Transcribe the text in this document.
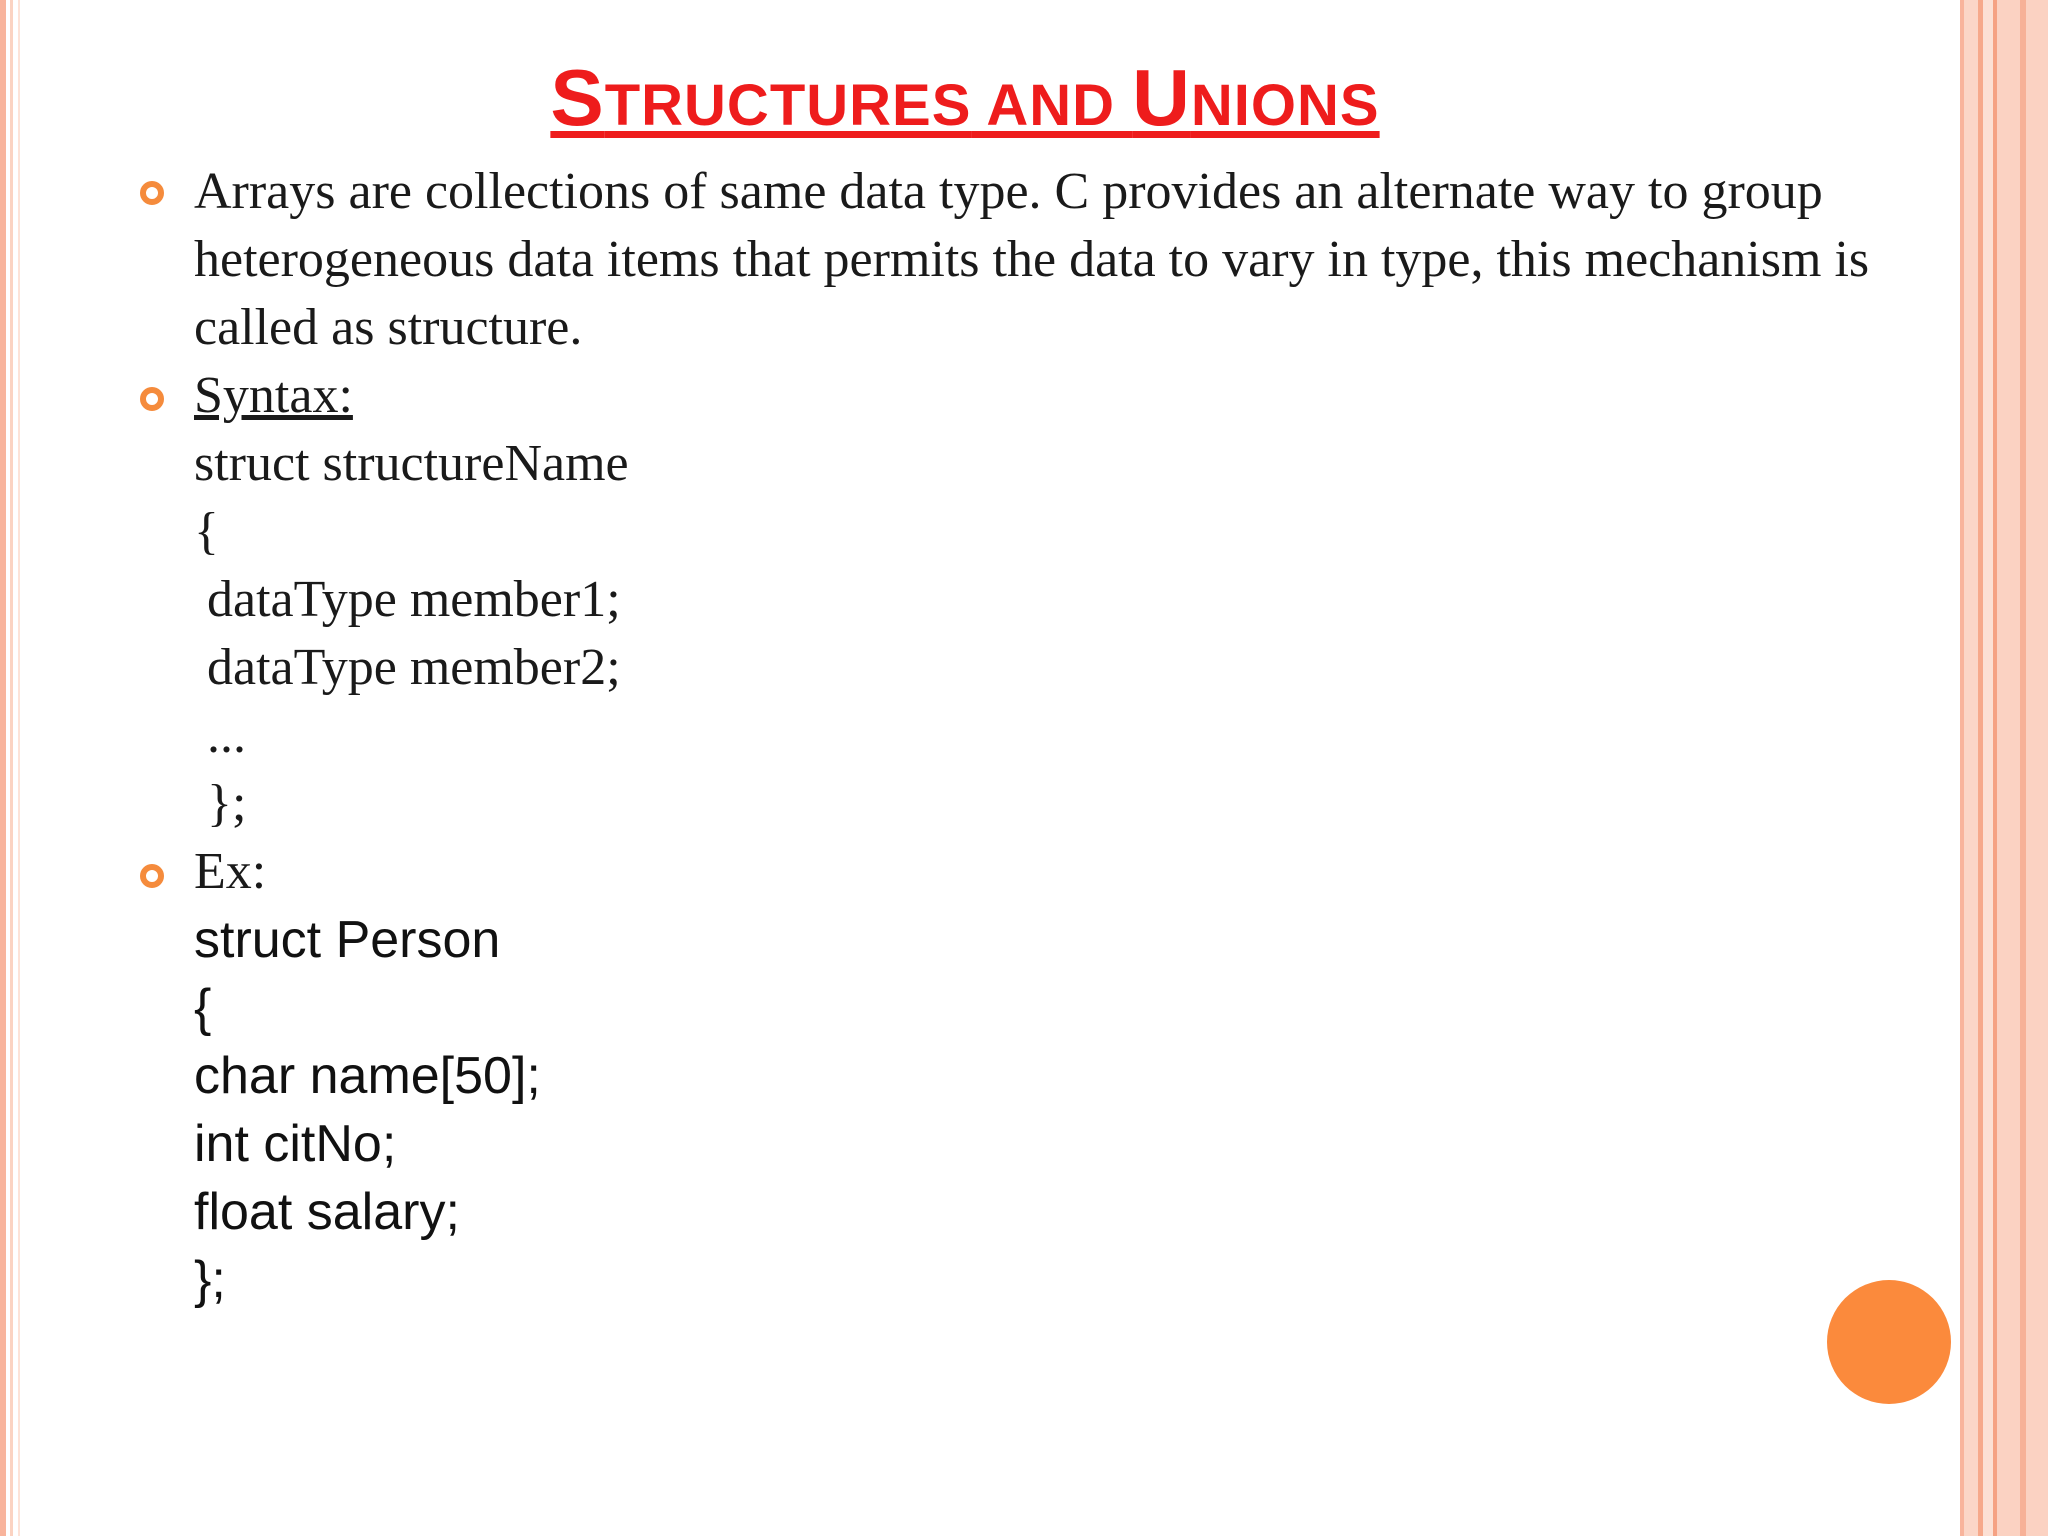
STRUCTURES AND UNIONS

Arrays are collections of same data type. C provides an alternate way to group heterogeneous data items that permits the data to vary in type, this mechanism is called as structure.

Syntax:

struct structureName

{

dataType member1;

dataType member2;

...

};

Ex:

struct Person

{

char name[50];

int citNo;

float salary;

};
